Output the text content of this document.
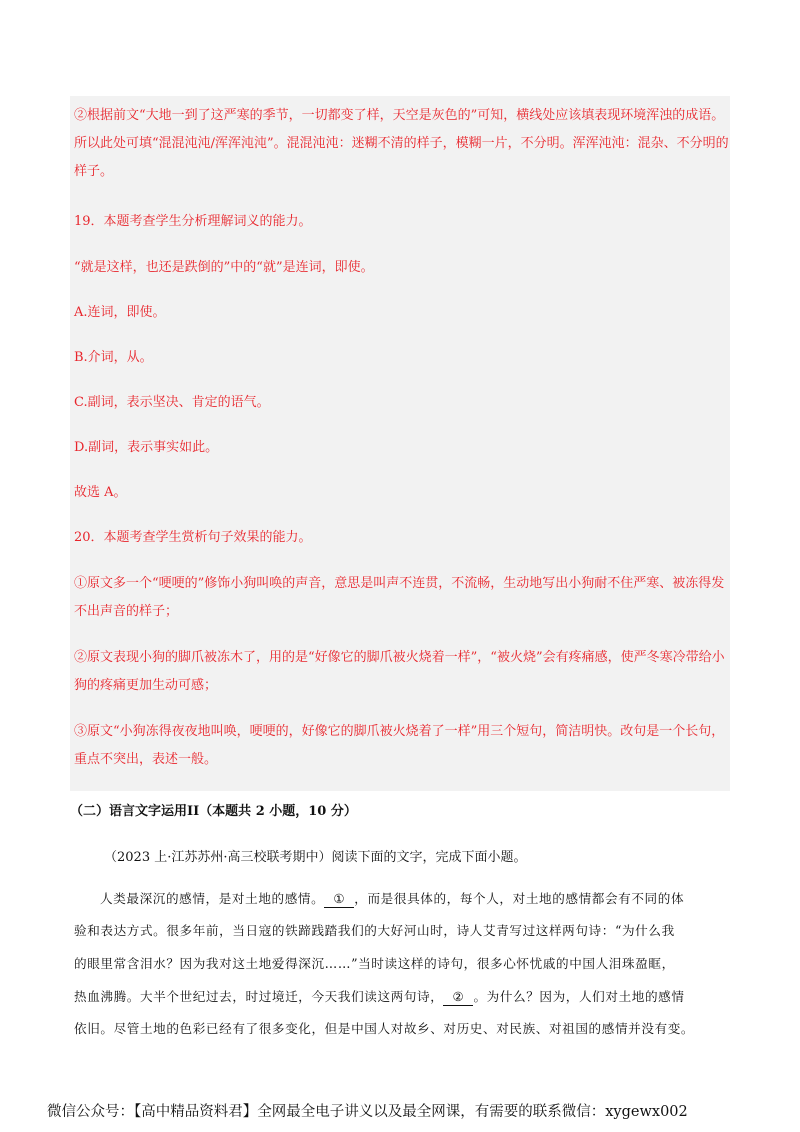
②根据前文“大地一到了这严寒的季节，一切都变了样，天空是灰色的”可知，横线处应该填表现环境浑浊的成语。所以此处可填“混混沌沌/浑浑沌沌”。混混沌沌：迷糊不清的样子，模糊一片，不分明。浑浑沌沌：混杂、不分明的样子。

19．本题考查学生分析理解词义的能力。

“就是这样，也还是跌倒的”中的“就”是连词，即使。

A.连词，即使。

B.介词，从。

C.副词，表示坚决、肯定的语气。

D.副词，表示事实如此。

故选 A。

20．本题考查学生赏析句子效果的能力。

①原文多一个“哽哽的”修饰小狗叫唤的声音，意思是叫声不连贯，不流畅，生动地写出小狗耐不住严寒、被冻得发不出声音的样子；

②原文表现小狗的脚爪被冻木了，用的是“好像它的脚爪被火烧着一样”，“被火烧”会有疼痛感，使严冬寒冷带给小狗的疼痛更加生动可感；

③原文“小狗冻得夜夜地叫唤，哽哽的，好像它的脚爪被火烧着了一样”用三个短句，简洁明快。改句是一个长句，重点不突出，表述一般。

（二）语言文字运用II（本题共 2 小题，10 分）

（2023 上·江苏苏州·高三校联考期中）阅读下面的文字，完成下面小题。

人类最深沉的感情，是对土地的感情。 ① ，而是很具体的，每个人，对土地的感情都会有不同的体

验和表达方式。很多年前，当日寇的铁蹄践踏我们的大好河山时，诗人艾青写过这样两句诗：“为什么我

的眼里常含泪水？因为我对这土地爱得深沉……”当时读这样的诗句，很多心怀忧戚的中国人泪珠盈眶，

热血沸腾。大半个世纪过去，时过境迁，今天我们读这两句诗， ② 。为什么？因为，人们对土地的感情

依旧。尽管土地的色彩已经有了很多变化，但是中国人对故乡、对历史、对民族、对祖国的感情并没有变。

微信公众号：【高中精品资料君】全网最全电子讲义以及最全网课，有需要的联系微信：xygewx002
